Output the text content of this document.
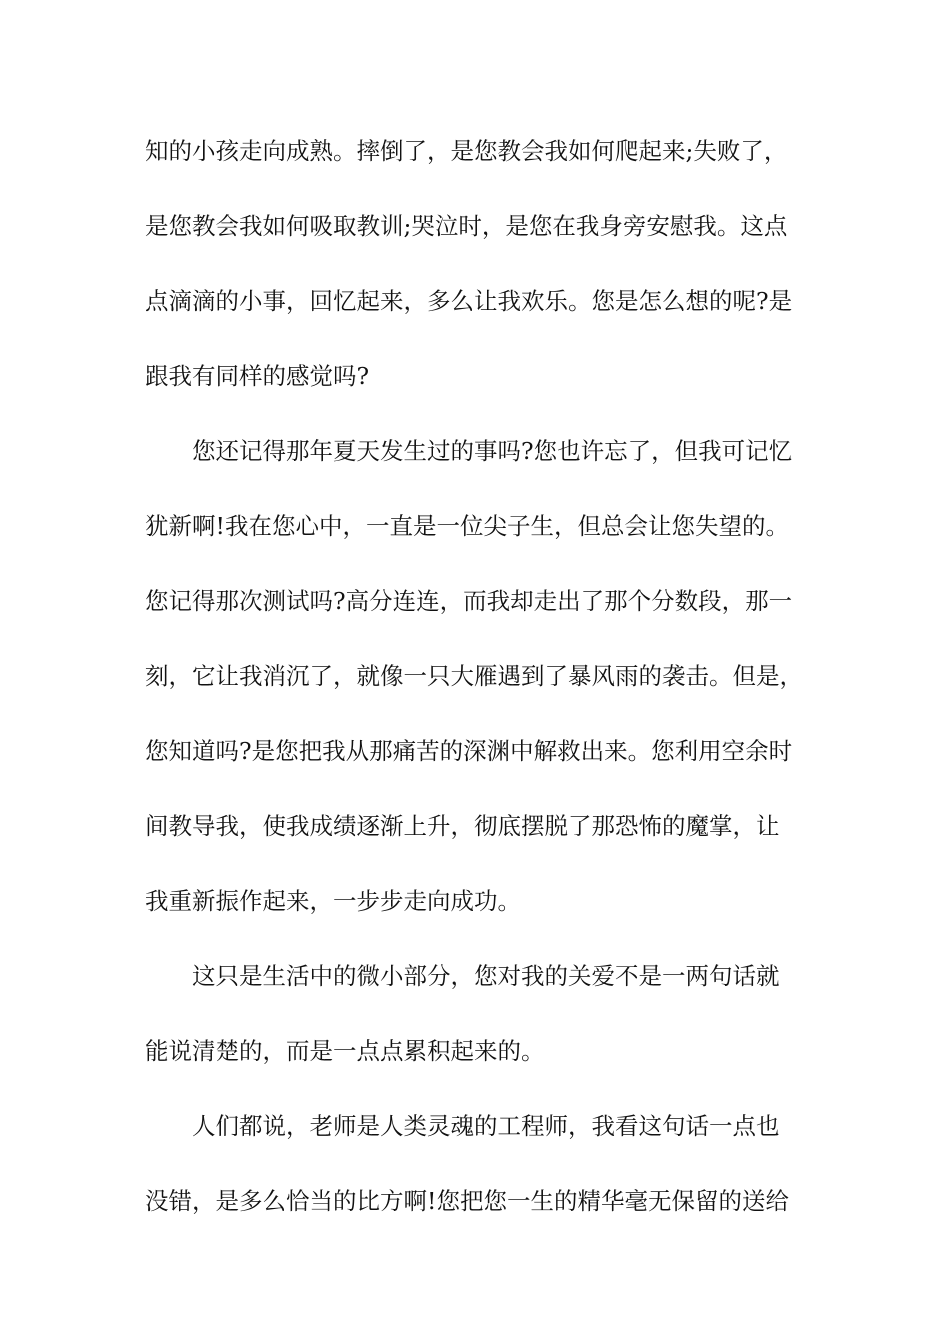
知的小孩走向成熟。摔倒了，是您教会我如何爬起来;失败了，
是您教会我如何吸取教训;哭泣时，是您在我身旁安慰我。这点
点滴滴的小事，回忆起来，多么让我欢乐。您是怎么想的呢?是
跟我有同样的感觉吗?
您还记得那年夏天发生过的事吗?您也许忘了，但我可记忆
犹新啊!我在您心中，一直是一位尖子生，但总会让您失望的。
您记得那次测试吗?高分连连，而我却走出了那个分数段，那一
刻，它让我消沉了，就像一只大雁遇到了暴风雨的袭击。但是，
您知道吗?是您把我从那痛苦的深渊中解救出来。您利用空余时
间教导我，使我成绩逐渐上升，彻底摆脱了那恐怖的魔掌，让
我重新振作起来，一步步走向成功。
这只是生活中的微小部分，您对我的关爱不是一两句话就
能说清楚的，而是一点点累积起来的。
人们都说，老师是人类灵魂的工程师，我看这句话一点也
没错，是多么恰当的比方啊!您把您一生的精华毫无保留的送给
